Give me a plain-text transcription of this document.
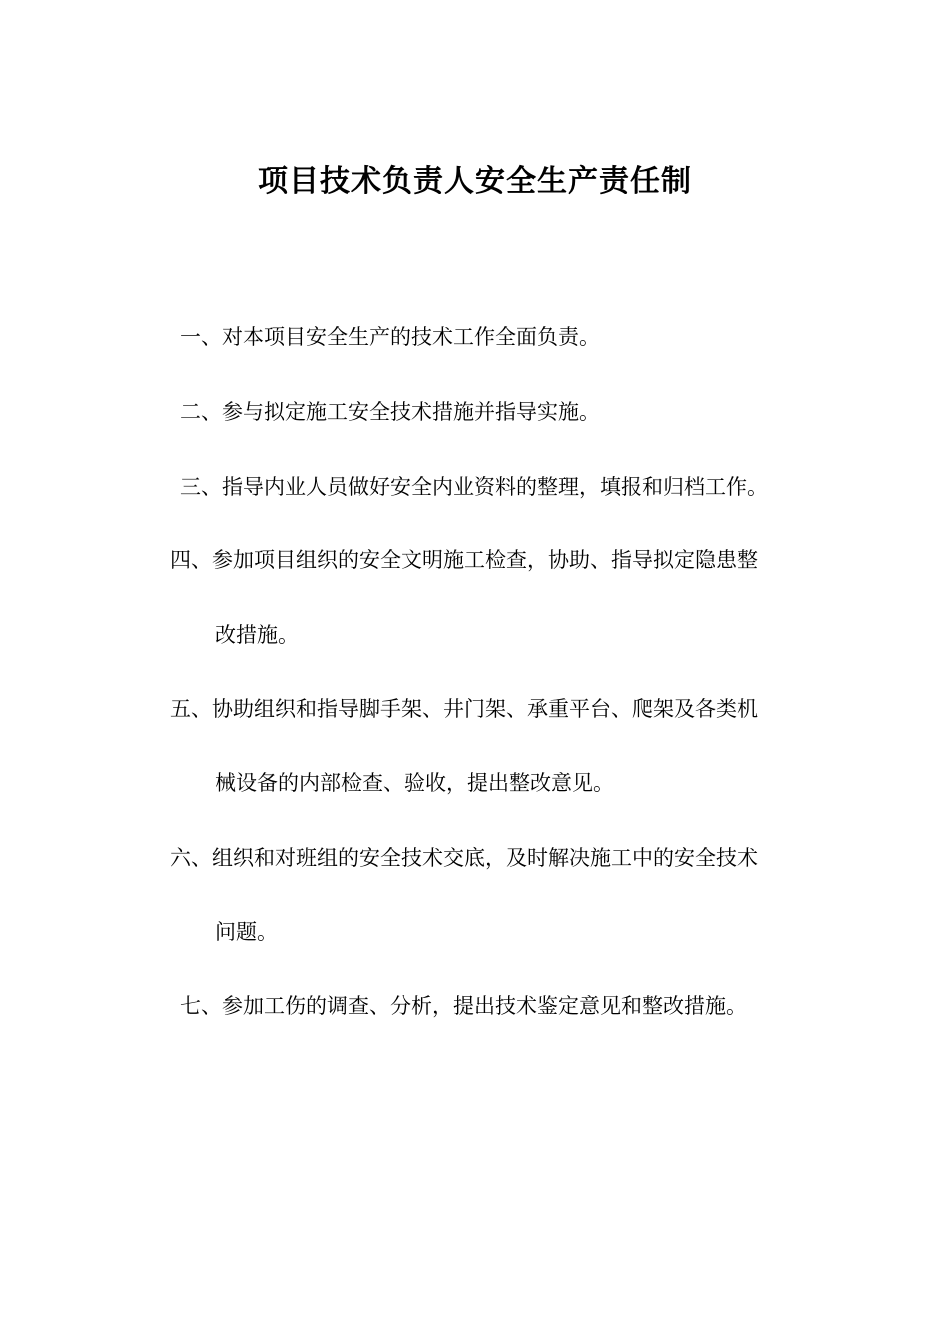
项目技术负责人安全生产责任制
一、对本项目安全生产的技术工作全面负责。
二、参与拟定施工安全技术措施并指导实施。
三、指导内业人员做好安全内业资料的整理，填报和归档工作。
四、参加项目组织的安全文明施工检查，协助、指导拟定隐患整
改措施。
五、协助组织和指导脚手架、井门架、承重平台、爬架及各类机
械设备的内部检查、验收，提出整改意见。
六、组织和对班组的安全技术交底，及时解决施工中的安全技术
问题。
七、参加工伤的调查、分析，提出技术鉴定意见和整改措施。
